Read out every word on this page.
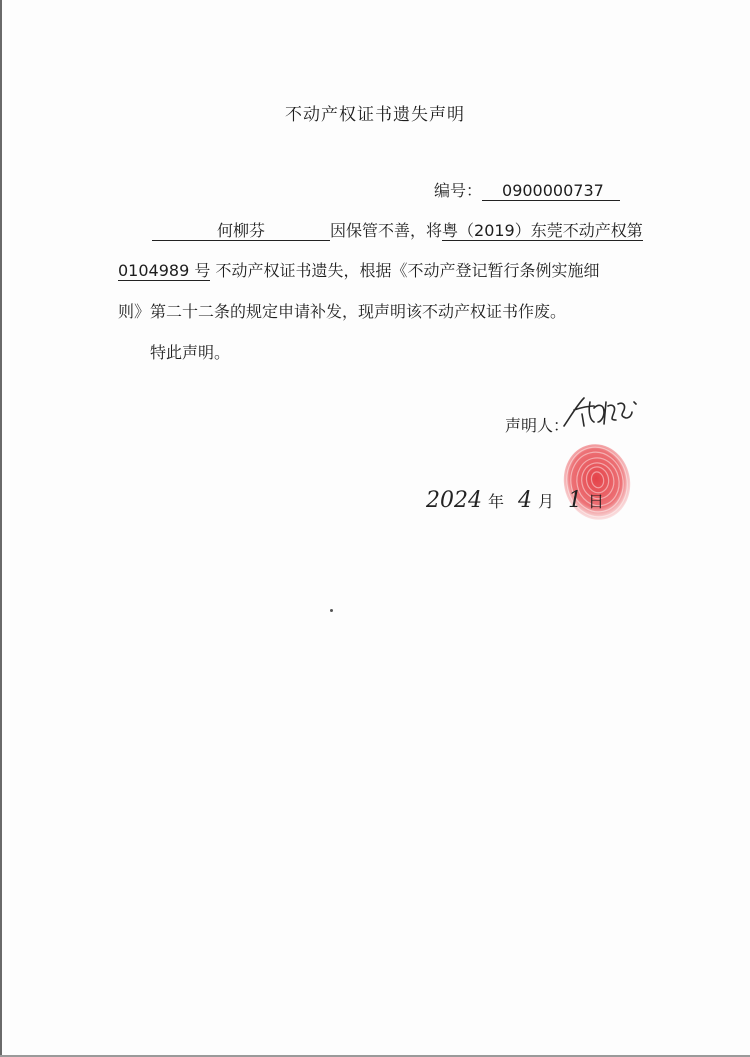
不动产权证书遗失声明
编号： 0900000737
何柳芬	因保管不善，将粤（2019）东莞不动产权第
0104989 号 不动产权证书遗失，根据《不动产登记暂行条例实施细
则》第二十二条的规定申请补发，现声明该不动产权证书作废。
特此声明。
声明人：
2024 年 4 月 1 日
